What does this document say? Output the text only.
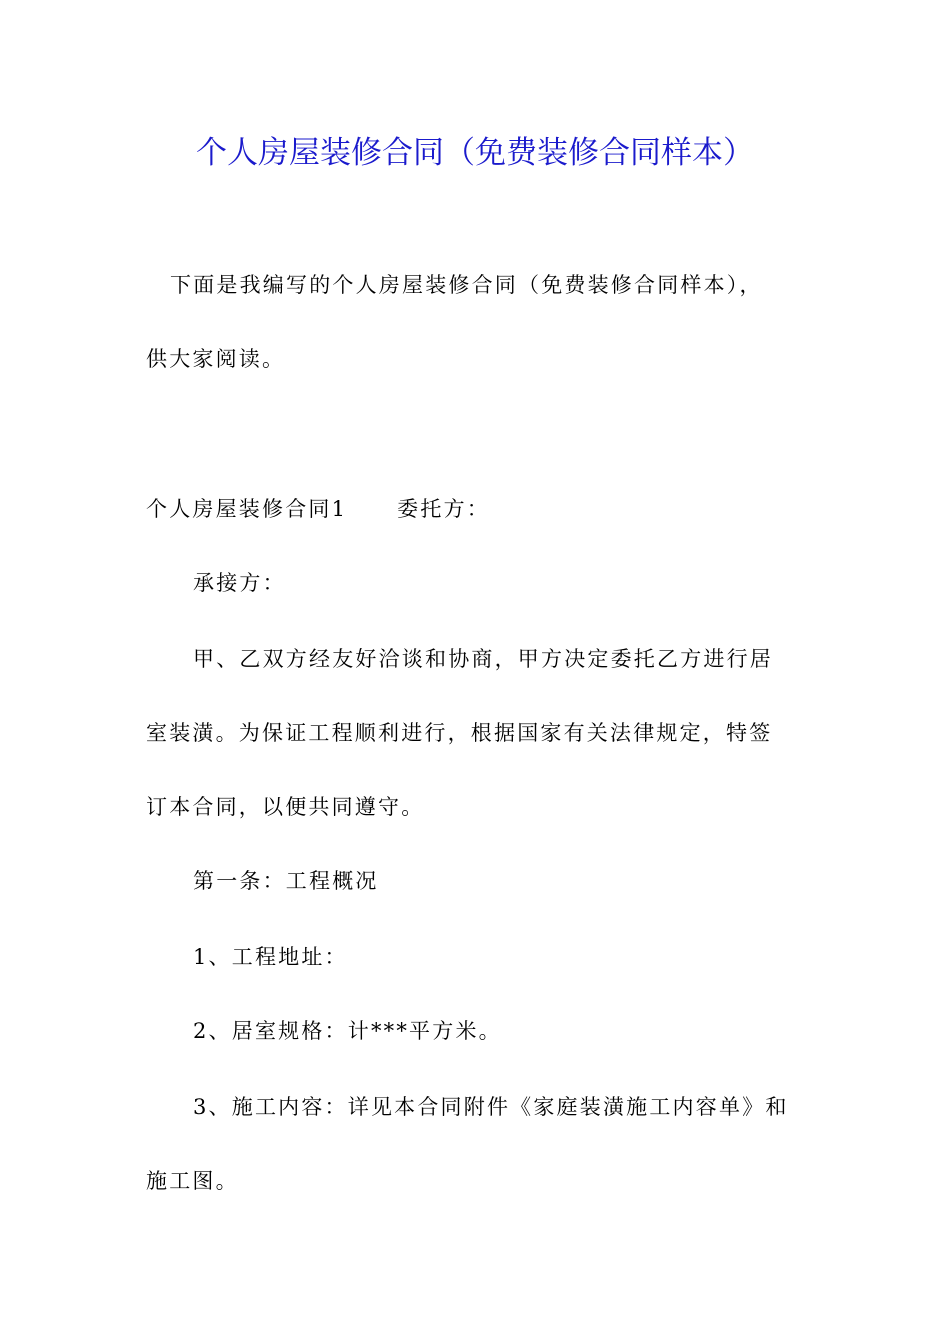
个人房屋装修合同（免费装修合同样本）
下面是我编写的个人房屋装修合同（免费装修合同样本），
供大家阅读。
个人房屋装修合同1 委托方：
承接方：
甲、乙双方经友好洽谈和协商，甲方决定委托乙方进行居
室装潢。为保证工程顺利进行，根据国家有关法律规定，特签
订本合同，以便共同遵守。
第一条：工程概况
1、工程地址：
2、居室规格：计***平方米。
3、施工内容：详见本合同附件《家庭装潢施工内容单》和
施工图。
